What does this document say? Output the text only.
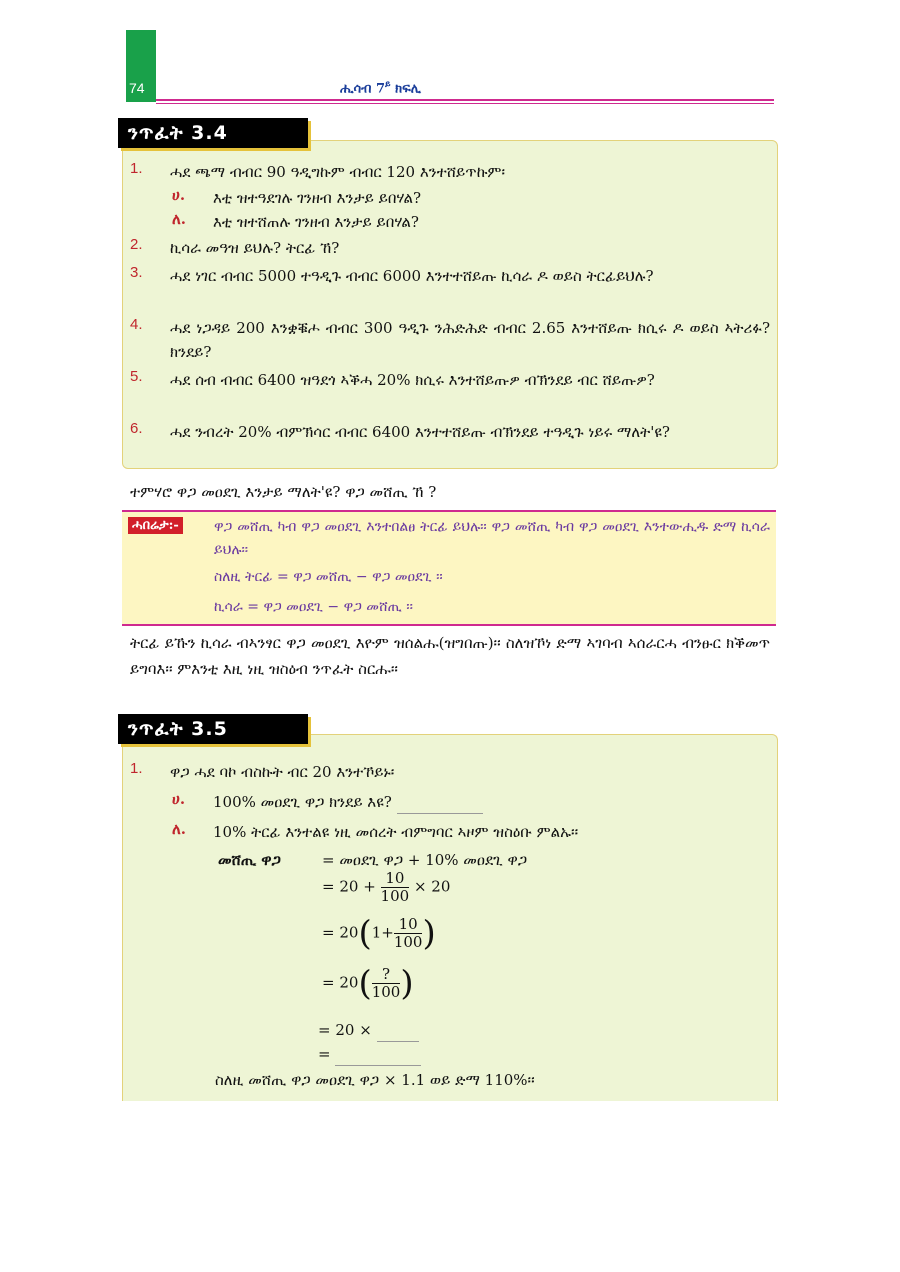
74	ሒሳብ $7^ይ$ ክፍሊ
ንጥፈት 3.4
1. ሓደ ጫማ ብብር 90 ዓዲግኩም ብብር 120 እንተሸይጥኩም፡
ሀ. እቲ ዝተዓደገሉ ገንዘብ እንታይ ይበሃል?
ለ. እቲ ዝተሸጠሉ ገንዘብ እንታይ ይበሃል?
2. ኪሳራ መዓዝ ይህሉ? ትርፊ ኸ?
3. ሓደ ነገር ብብር 5000 ተዓዲጉ ብብር 6000 እንተተሸይጡ ኪሳራ ዶ ወይስ ትርፊይህሉ?
4. ሓደ ነጋዳይ 200 እንቋቑሖ ብብር 300 ዓዲጉ ንሕድሕድ ብብር 2.65 እንተሸይጡ ክሲሩ ዶ ወይስ ኣትሪፉ? ክንደይ?
5. ሓደ ሰብ ብብር 6400 ዝዓደጎ ኣቕሓ 20% ክሲሩ እንተሸይጡዎ ብኽንደይ ብር ሸይጡዎ?
6. ሓደ ንብረት 20% ብምኽሳር ብብር 6400 እንተተሸይጡ ብኽንደይ ተዓዲጉ ነይሩ ማለት'ዩ?
ተምሃሮ ዋጋ መዐደጊ እንታይ ማለት'ዩ? ዋጋ መሸጢ ኸ ?
ሓበሬታ:-	ዋጋ መሸጢ ካብ ዋጋ መዐደጊ እንተበልፀ ትርፊ ይህሉ፡፡ ዋጋ መሸጢ ካብ ዋጋ መዐደጊ እንተውሒዱ ድማ ኪሳራ ይህሉ፡፡
ስለዚ ትርፊ = ዋጋ መሸጢ − ዋጋ መዐደጊ ፡፡
ኪሳራ = ዋጋ መዐደጊ − ዋጋ መሸጢ ፡፡
ትርፊ ይኹን ኪሳራ ብኣንፃር ዋጋ መዐደጊ እዮም ዝሰልሑ(ዝግበጡ)፡፡ ስለዝኾነ ድማ ኣገባብ ኣሰራርሓ ብንፁር ክቕመጥ ይግባእ፡፡ ምእንቲ እዚ ነዚ ዝስዕብ ንጥፈት ስርሑ፡፡
ንጥፈት 3.5
1. ዋጋ ሓደ ባኮ ብስኩት ብር 20 እንተኾይኑ፡
ሀ. 100% መዐደጊ ዋጋ ክንደይ እዩ?
ለ. 10% ትርፊ እንተልዩ ነዚ መሰረት ብምግባር ኣዞም ዝስዕቡ ምልኡ፡፡
መሸጢ ዋጋ	= መዐደጊ ዋጋ + 10% መዐደጊ ዋጋ
= $20 + \frac{10}{100} \times 20$
= $20(1+ \frac{10}{100}$ )
= $20( \frac{?}{100}$ )
= 20 ×
=
ስለዚ መሸጢ ዋጋ መዐደጊ ዋጋ × 1.1 ወይ ድማ 110%፡፡
